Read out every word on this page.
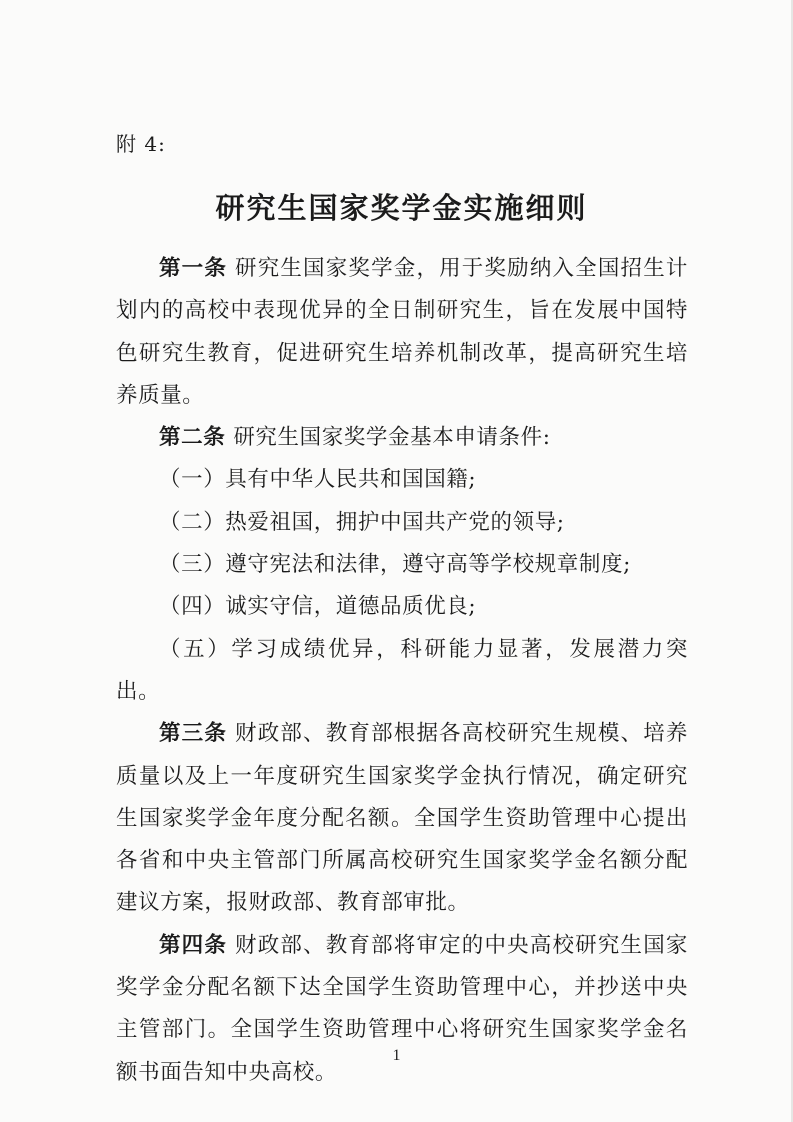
附 4:
研究生国家奖学金实施细则

第一条 研究生国家奖学金，用于奖励纳入全国招生计划内的高校中表现优异的全日制研究生，旨在发展中国特色研究生教育，促进研究生培养机制改革，提高研究生培养质量。

第二条 研究生国家奖学金基本申请条件:

（一）具有中华人民共和国国籍;

（二）热爱祖国，拥护中国共产党的领导;

（三）遵守宪法和法律，遵守高等学校规章制度;

（四）诚实守信，道德品质优良;

（五）学习成绩优异，科研能力显著，发展潜力突出。

第三条 财政部、教育部根据各高校研究生规模、培养质量以及上一年度研究生国家奖学金执行情况，确定研究生国家奖学金年度分配名额。全国学生资助管理中心提出各省和中央主管部门所属高校研究生国家奖学金名额分配建议方案，报财政部、教育部审批。

第四条 财政部、教育部将审定的中央高校研究生国家奖学金分配名额下达全国学生资助管理中心，并抄送中央主管部门。全国学生资助管理中心将研究生国家奖学金名额书面告知中央高校。

1
